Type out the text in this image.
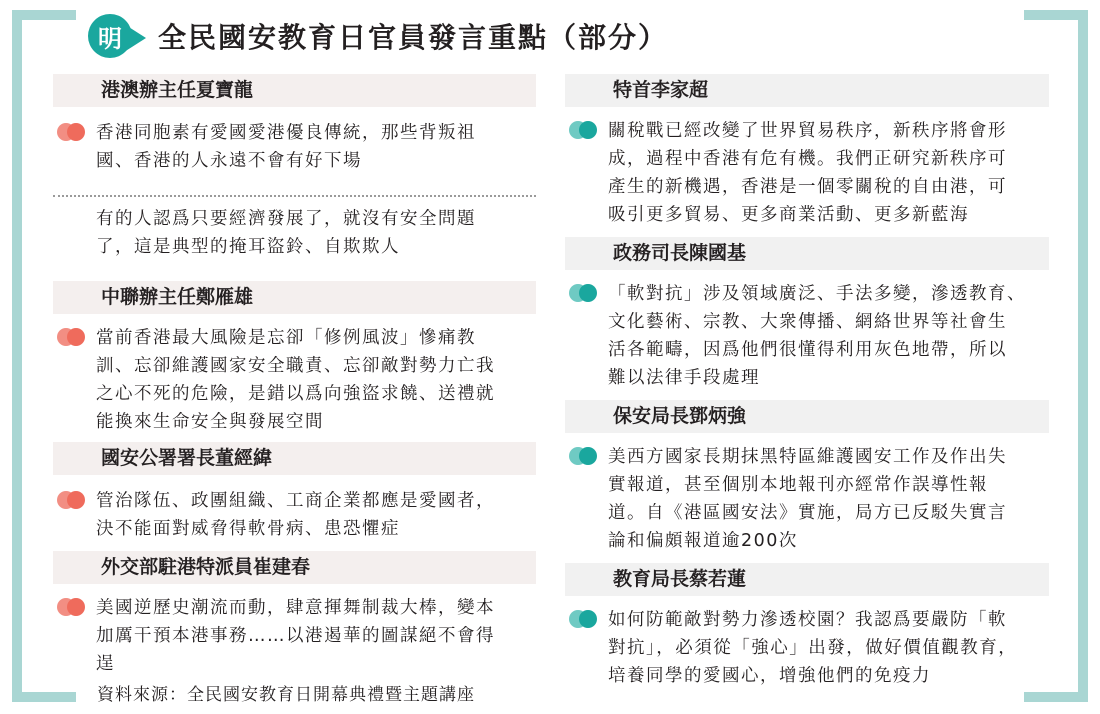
明 全民國安教育日官員發言重點（部分）
港澳辦主任夏寶龍
香港同胞素有愛國愛港優良傳統，那些背叛祖
國、香港的人永遠不會有好下場
有的人認爲只要經濟發展了，就沒有安全問題
了，這是典型的掩耳盜鈴、自欺欺人
中聯辦主任鄭雁雄
當前香港最大風險是忘卻「修例風波」慘痛教
訓、忘卻維護國家安全職責、忘卻敵對勢力亡我
之心不死的危險，是錯以爲向強盜求饒、送禮就
能換來生命安全與發展空間
國安公署署長董經緯
管治隊伍、政團組織、工商企業都應是愛國者，
決不能面對威脅得軟骨病、患恐懼症
外交部駐港特派員崔建春
美國逆歷史潮流而動，肆意揮舞制裁大棒，變本
加厲干預本港事務……以港遏華的圖謀絕不會得
逞
特首李家超
關稅戰已經改變了世界貿易秩序，新秩序將會形
成，過程中香港有危有機。我們正研究新秩序可
產生的新機遇，香港是一個零關稅的自由港，可
吸引更多貿易、更多商業活動、更多新藍海
政務司長陳國基
「軟對抗」涉及領域廣泛、手法多變，滲透教育、
文化藝術、宗教、大衆傳播、網絡世界等社會生
活各範疇，因爲他們很懂得利用灰色地帶，所以
難以法律手段處理
保安局長鄧炳強
美西方國家長期抹黑特區維護國安工作及作出失
實報道，甚至個別本地報刊亦經常作誤導性報
道。自《港區國安法》實施，局方已反駁失實言
論和偏頗報道逾200次
教育局長蔡若蓮
如何防範敵對勢力滲透校園？我認爲要嚴防「軟
對抗」，必須從「強心」出發，做好價值觀教育，
培養同學的愛國心，增強他們的免疫力
資料來源：全民國安教育日開幕典禮暨主題講座
